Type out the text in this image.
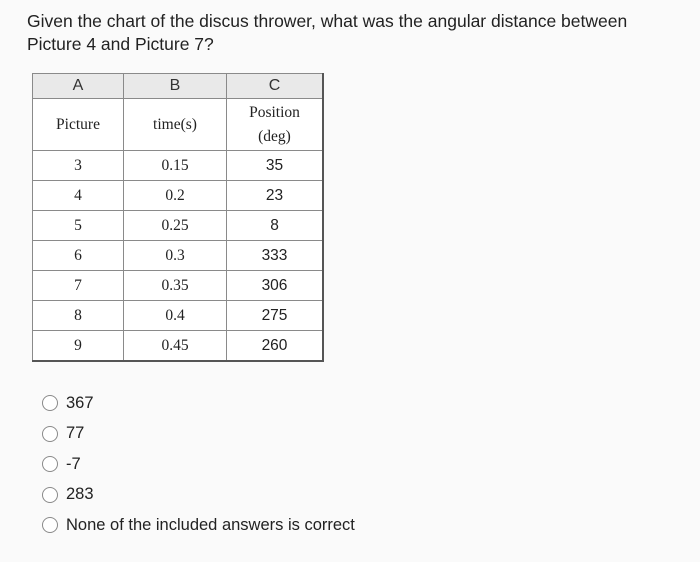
Given the chart of the discus thrower, what was the angular distance between Picture 4 and Picture 7?
A	B	C
Picture	time(s)	Position
(deg)

3	0.15	35
4	0.2	23
5	0.25	8
6	0.3	333
7	0.35	306
8	0.4	275
9	0.45	260
367
77
-7
283
None of the included answers is correct
